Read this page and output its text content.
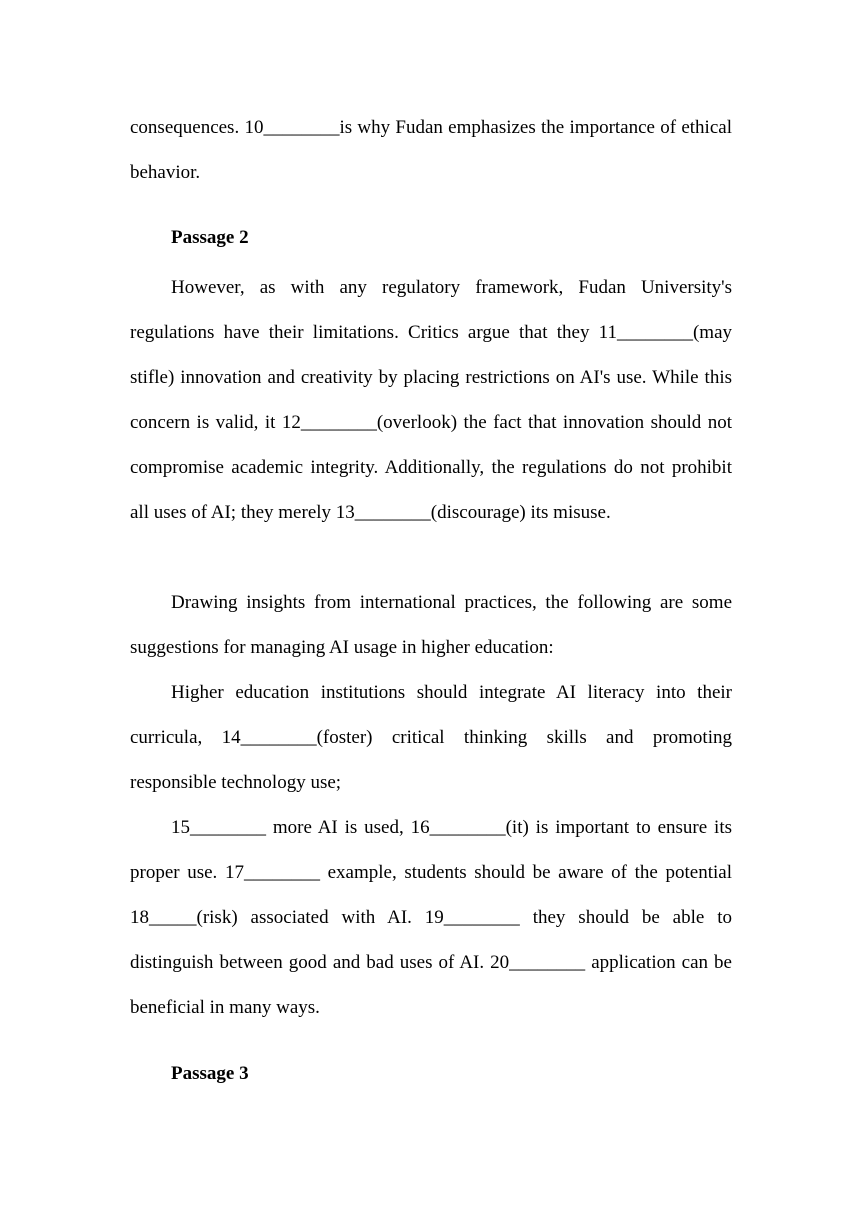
consequences. 10________is why Fudan emphasizes the importance of ethical behavior.

Passage 2

However, as with any regulatory framework, Fudan University's regulations have their limitations. Critics argue that they 11________(may stifle) innovation and creativity by placing restrictions on AI's use. While this concern is valid, it 12________(overlook) the fact that innovation should not compromise academic integrity. Additionally, the regulations do not prohibit all uses of AI; they merely 13________(discourage) its misuse.

Drawing insights from international practices, the following are some suggestions for managing AI usage in higher education:

Higher education institutions should integrate AI literacy into their curricula, 14________(foster) critical thinking skills and promoting responsible technology use;

15________ more AI is used, 16________(it) is important to ensure its proper use. 17________ example, students should be aware of the potential 18_____(risk) associated with AI. 19________ they should be able to distinguish between good and bad uses of AI. 20________ application can be beneficial in many ways.

Passage 3
